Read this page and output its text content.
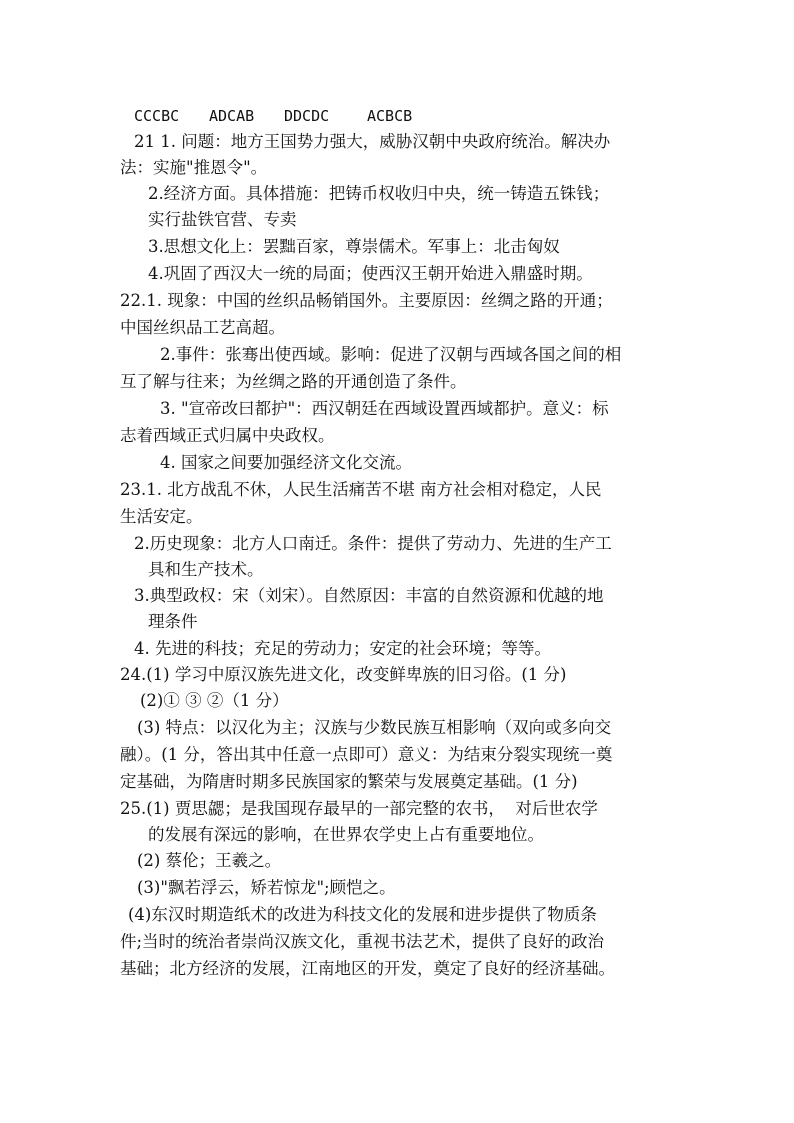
CCCBC ADCAB DDCDC	ACBCB

21 1. 问题：地方王国势力强大，威胁汉朝中央政府统治。解决办

法：实施"推恩令"。

2.经济方面。具体措施：把铸币权收归中央，统一铸造五铢钱；

实行盐铁官营、专卖

3.思想文化上：罢黜百家，尊崇儒术。军事上：北击匈奴

4.巩固了西汉大一统的局面；使西汉王朝开始进入鼎盛时期。

22.1. 现象：中国的丝织品畅销国外。主要原因：丝绸之路的开通；

中国丝织品工艺高超。

2.事件：张骞出使西域。影响：促进了汉朝与西域各国之间的相

互了解与往来；为丝绸之路的开通创造了条件。

3. "宣帝改曰都护"：西汉朝廷在西域设置西域都护。意义：标

志着西域正式归属中央政权。

4. 国家之间要加强经济文化交流。

23.1. 北方战乱不休，人民生活痛苦不堪 南方社会相对稳定，人民

生活安定。

2.历史现象：北方人口南迁。条件：提供了劳动力、先进的生产工

具和生产技术。

3.典型政权：宋（刘宋）。自然原因：丰富的自然资源和优越的地

理条件

4. 先进的科技；充足的劳动力；安定的社会环境；等等。

24.(1) 学习中原汉族先进文化，改变鲜卑族的旧习俗。(1 分)

(2)① ③ ②（1 分）

(3) 特点：以汉化为主；汉族与少数民族互相影响（双向或多向交

融）。(1 分，答出其中任意一点即可）意义：为结束分裂实现统一奠

定基础，为隋唐时期多民族国家的繁荣与发展奠定基础。(1 分)

25.(1) 贾思勰；是我国现存最早的一部完整的农书，  对后世农学

的发展有深远的影响，在世界农学史上占有重要地位。

(2) 蔡伦；王羲之。

(3)"飘若浮云，矫若惊龙";顾恺之。

(4)东汉时期造纸术的改进为科技文化的发展和进步提供了物质条

件;当时的统治者崇尚汉族文化，重视书法艺术，提供了良好的政治

基础；北方经济的发展，江南地区的开发，奠定了良好的经济基础。
